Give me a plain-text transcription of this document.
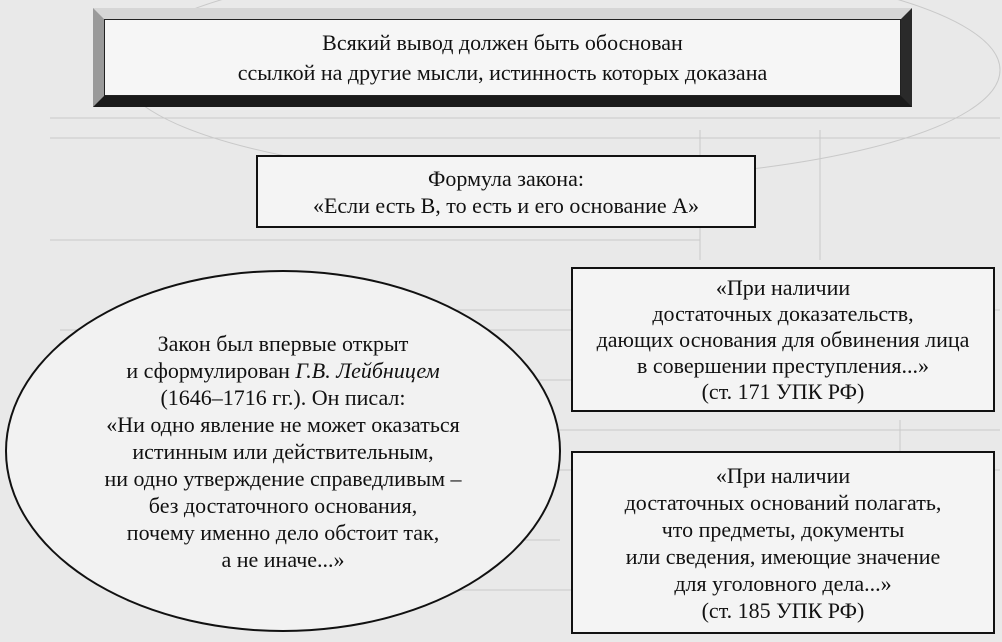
Всякий вывод должен быть обоснован
ссылкой на другие мысли, истинность которых доказана
Формула закона:
«Если есть В, то есть и его основание А»
Закон был впервые открыт
и сформулирован Г.В. Лейбницем
(1646–1716 гг.). Он писал:
«Ни одно явление не может оказаться
истинным или действительным,
ни одно утверждение справедливым –
без достаточного основания,
почему именно дело обстоит так,
а не иначе...»
«При наличии
достаточных доказательств,
дающих основания для обвинения лица
в совершении преступления...»
(ст. 171 УПК РФ)
«При наличии
достаточных оснований полагать,
что предметы, документы
или сведения, имеющие значение
для уголовного дела...»
(ст. 185 УПК РФ)
